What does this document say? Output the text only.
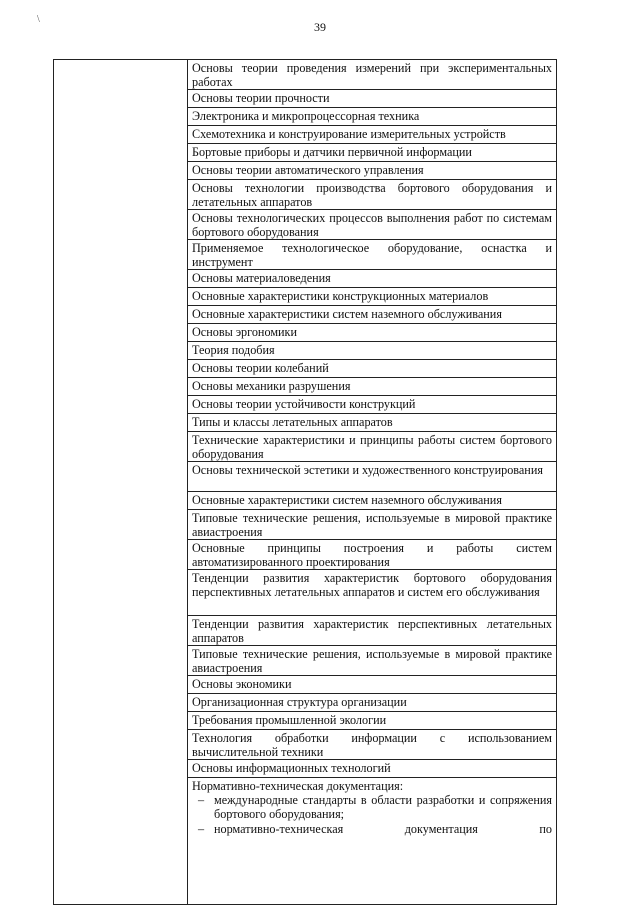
39
\

Основы теории проведения измерений при экспериментальных работах
Основы теории прочности
Электроника и микропроцессорная техника
Схемотехника и конструирование измерительных устройств
Бортовые приборы и датчики первичной информации
Основы теории автоматического управления
Основы технологии производства бортового оборудования и летательных аппаратов
Основы технологических процессов выполнения работ по системам бортового оборудования
Применяемое технологическое оборудование, оснастка и инструмент
Основы материаловедения
Основные характеристики конструкционных материалов
Основные характеристики систем наземного обслуживания
Основы эргономики
Теория подобия
Основы теории колебаний
Основы механики разрушения
Основы теории устойчивости конструкций
Типы и классы летательных аппаратов
Технические характеристики и принципы работы систем бортового оборудования
Основы технической эстетики и художественного конструирования
Основные характеристики систем наземного обслуживания
Типовые технические решения, используемые в мировой практике авиастроения
Основные принципы построения и работы систем автоматизированного проектирования
Тенденции развития характеристик бортового оборудования перспективных летательных аппаратов и систем его обслуживания
Тенденции развития характеристик перспективных летательных аппаратов
Типовые технические решения, используемые в мировой практике авиастроения
Основы экономики
Организационная структура организации
Требования промышленной экологии
Технология обработки информации с использованием вычислительной техники
Основы информационных технологий
Нормативно-техническая документация:
– международные стандарты в области разработки и сопряжения бортового оборудования;
– нормативно-техническая документация по
